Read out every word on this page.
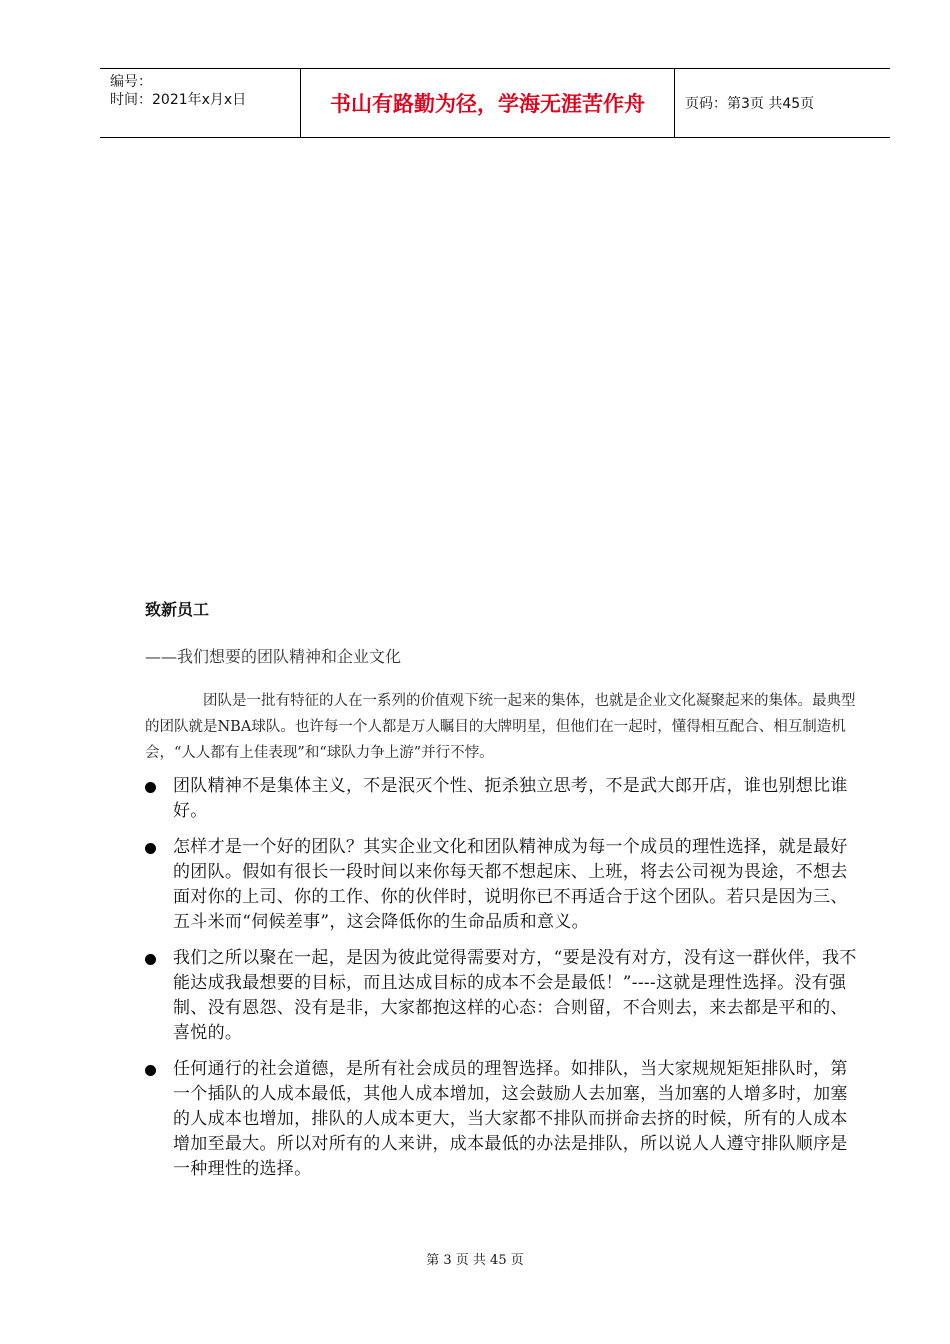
编号：
时间：2021年x月x日	书山有路勤为径，学海无涯苦作舟	页码：第3页 共45页
致新员工
——我们想要的团队精神和企业文化
团队是一批有特征的人在一系列的价值观下统一起来的集体，也就是企业文化凝聚起来的集体。最典型的团队就是NBA球队。也许每一个人都是万人瞩目的大牌明星，但他们在一起时，懂得相互配合、相互制造机会，“人人都有上佳表现”和“球队力争上游”并行不悖。
团队精神不是集体主义，不是泯灭个性、扼杀独立思考，不是武大郎开店，谁也别想比谁好。
怎样才是一个好的团队？其实企业文化和团队精神成为每一个成员的理性选择，就是最好的团队。假如有很长一段时间以来你每天都不想起床、上班，将去公司视为畏途，不想去面对你的上司、你的工作、你的伙伴时，说明你已不再适合于这个团队。若只是因为三、五斗米而“伺候差事”，这会降低你的生命品质和意义。
我们之所以聚在一起，是因为彼此觉得需要对方，“要是没有对方，没有这一群伙伴，我不能达成我最想要的目标，而且达成目标的成本不会是最低！”----这就是理性选择。没有强制、没有恩怨、没有是非，大家都抱这样的心态：合则留，不合则去，来去都是平和的、喜悦的。
任何通行的社会道德，是所有社会成员的理智选择。如排队，当大家规规矩矩排队时，第一个插队的人成本最低，其他人成本增加，这会鼓励人去加塞，当加塞的人增多时，加塞的人成本也增加，排队的人成本更大，当大家都不排队而拼命去挤的时候，所有的人成本增加至最大。所以对所有的人来讲，成本最低的办法是排队，所以说人人遵守排队顺序是一种理性的选择。
第 3 页 共 45 页
